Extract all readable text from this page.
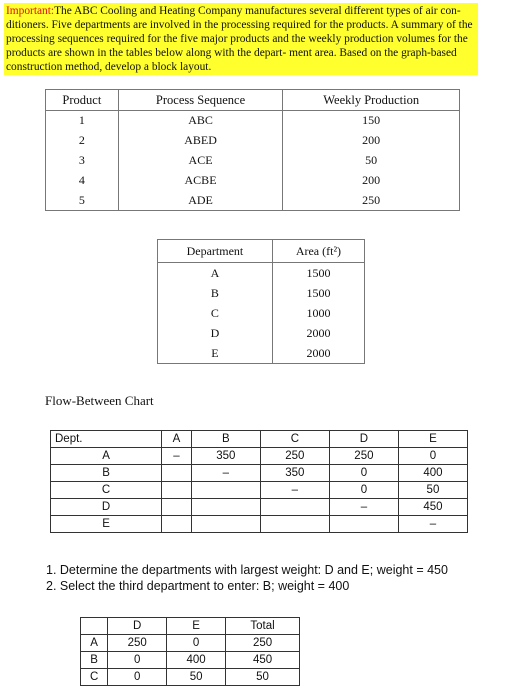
Important:The ABC Cooling and Heating Company manufactures several different types of air con- ditioners. Five departments are involved in the processing required for the products. A summary of the processing sequences required for the five major products and the weekly production volumes for the products are shown in the tables below along with the depart- ment area. Based on the graph-based construction method, develop a block layout.
Product	Process Sequence	Weekly Production
1	ABC	150
2	ABED	200
3	ACE	50
4	ACBE	200
5	ADE	250
Department	Area (ft²)
A	1500
B	1500
C	1000
D	2000
E	2000
Flow-Between Chart
Dept.	A	B	C	D	E
A	–	350	250	250	0
B		–	350	0	400
C			–	0	50
D				–	450
E					–
1. Determine the departments with largest weight: D and E; weight = 450
2. Select the third department to enter: B; weight = 400
	D	E	Total
A	250	0	250
B	0	400	450
C	0	50	50
